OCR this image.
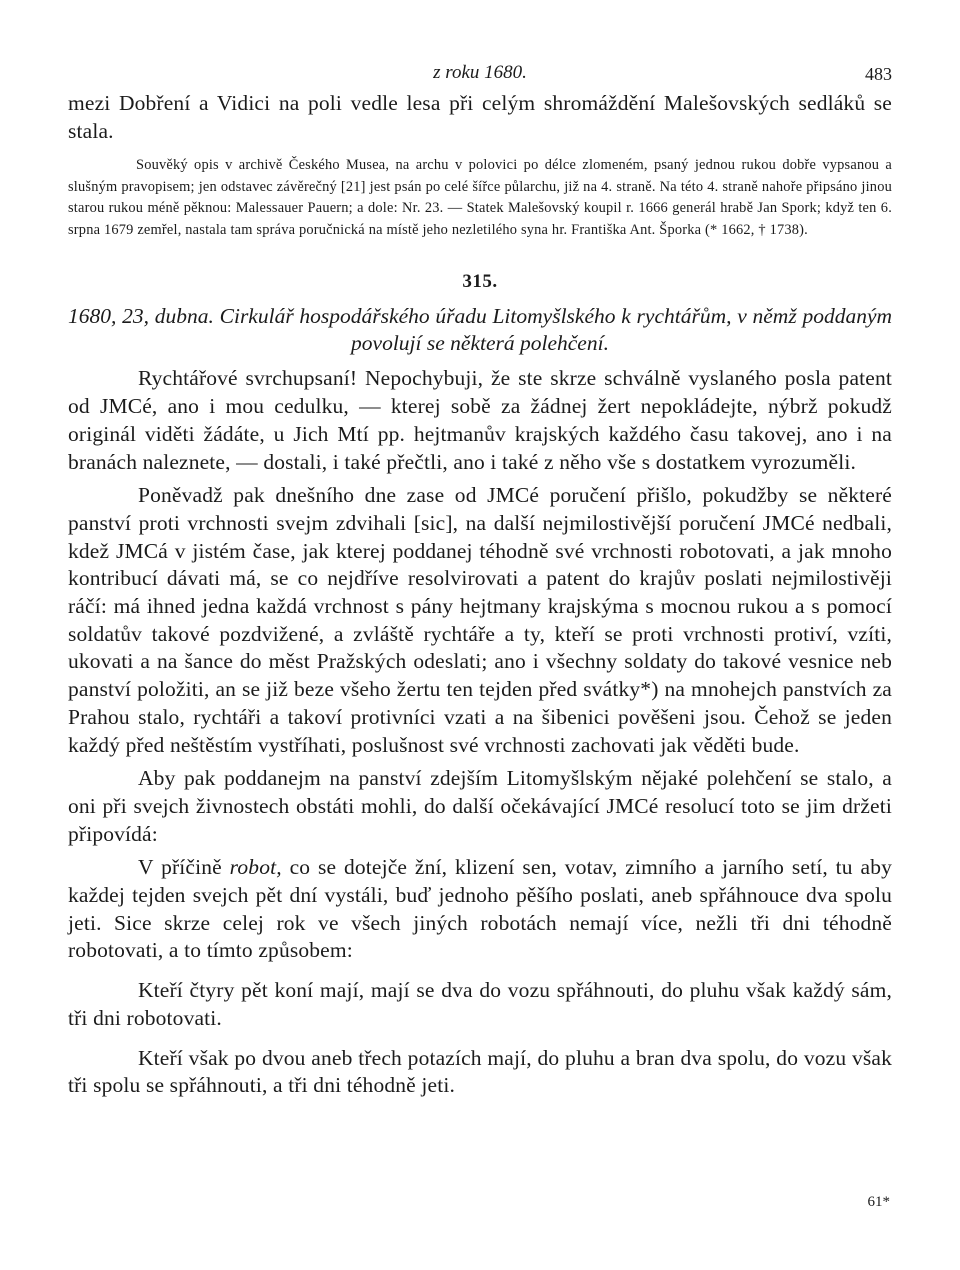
z roku 1680.	483

mezi Dobření a Vidici na poli vedle lesa při celým shromáždění Malešovských sedláků se stala.

Souvěký opis v archivě Českého Musea, na archu v polovici po délce zlomeném, psaný jednou rukou dobře vypsanou a slušným pravopisem; jen odstavec závěrečný [21] jest psán po celé šířce půlarchu, již na 4. straně. Na této 4. straně nahoře připsáno jinou starou rukou méně pěknou: Malessauer Pauern; a dole: Nr. 23. — Statek Malešovský koupil r. 1666 generál hrabě Jan Spork; když ten 6. srpna 1679 zemřel, nastala tam správa poručnická na místě jeho nezletilého syna hr. Františka Ant. Šporka (* 1662, † 1738).

315.

1680, 23, dubna. Cirkulář hospodářského úřadu Litomyšlského k rychtářům, v němž poddaným povolují se některá polehčení.

Rychtářové svrchupsaní! Nepochybuji, že ste skrze schválně vyslaného posla patent od JMCé, ano i mou cedulku, — kterej sobě za žádnej žert nepokládejte, nýbrž pokudž originál viděti žádáte, u Jich Mtí pp. hejtmanův krajských každého času takovej, ano i na branách naleznete, — dostali, i také přečtli, ano i také z něho vše s dostatkem vyrozuměli.

Poněvadž pak dnešního dne zase od JMCé poručení přišlo, pokudžby se některé panství proti vrchnosti svejm zdvihali [sic], na další nejmilostivější poručení JMCé nedbali, kdež JMCá v jistém čase, jak kterej poddanej téhodně své vrchnosti robotovati, a jak mnoho kontribucí dávati má, se co nejdříve resolvirovati a patent do krajův poslati nejmilostivěji ráčí: má ihned jedna každá vrchnost s pány hejtmany krajskýma s mocnou rukou a s pomocí soldatův takové pozdvižené, a zvláště rychtáře a ty, kteří se proti vrchnosti protiví, vzíti, ukovati a na šance do měst Pražských odeslati; ano i všechny soldaty do takové vesnice neb panství položiti, an se již beze všeho žertu ten tejden před svátky*) na mnohejch panstvích za Prahou stalo, rychtáři a takoví protivníci vzati a na šibenici pověšeni jsou. Čehož se jeden každý před neštěstím vystříhati, poslušnost své vrchnosti zachovati jak věděti bude.

Aby pak poddanejm na panství zdejším Litomyšlským nějaké polehčení se stalo, a oni při svejch živnostech obstáti mohli, do další očekávající JMCé resolucí toto se jim držeti připovídá:

V příčině robot, co se dotejče žní, klizení sen, votav, zimního a jarního setí, tu aby každej tejden svejch pět dní vystáli, buď jednoho pěšího poslati, aneb spřáhnouce dva spolu jeti. Sice skrze celej rok ve všech jiných robotách nemají více, nežli tři dni téhodně robotovati, a to tímto způsobem:

Kteří čtyry pět koní mají, mají se dva do vozu spřáhnouti, do pluhu však každý sám, tři dni robotovati.

Kteří však po dvou aneb třech potazích mají, do pluhu a bran dva spolu, do vozu však tři spolu se spřáhnouti, a tři dni téhodně jeti.

61*
